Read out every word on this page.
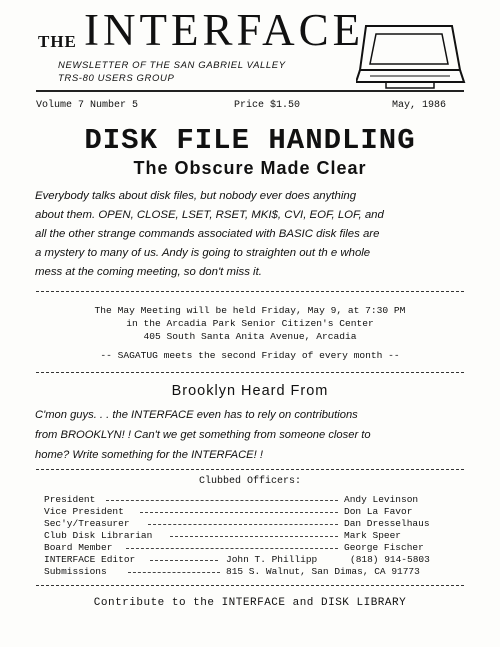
THE INTERFACE
NEWSLETTER OF THE SAN GABRIEL VALLEY
TRS-80 USERS GROUP
Volume 7 Number 5	Price $1.50	May, 1986
DISK FILE HANDLING
The Obscure Made Clear
Everybody talks about disk files, but nobody ever does anything
about them. OPEN, CLOSE, LSET, RSET, MKI$, CVI, EOF, LOF, and
all the other strange commands associated with BASIC disk files are
a mystery to many of us. Andy is going to straighten out th e whole
mess at the coming meeting, so don't miss it.
The May Meeting will be held Friday, May 9, at 7:30 PM
in the Arcadia Park Senior Citizen's Center
405 South Santa Anita Avenue, Arcadia
-- SAGATUG meets the second Friday of every month --
Brooklyn Heard From
C'mon guys. . . the INTERFACE even has to rely on contributions
from BROOKLYN! ! Can't we get something from someone closer to
home? Write something for the INTERFACE! !
Clubbed Officers:
President	Andy Levinson
Vice President	Don La Favor
Sec'y/Treasurer	Dan Dresselhaus
Club Disk Librarian	Mark Speer
Board Member	George Fischer
INTERFACE Editor	John T. Phillipp	(818) 914-5803
Submissions	815 S. Walnut, San Dimas, CA 91773
Contribute to the INTERFACE and DISK LIBRARY
